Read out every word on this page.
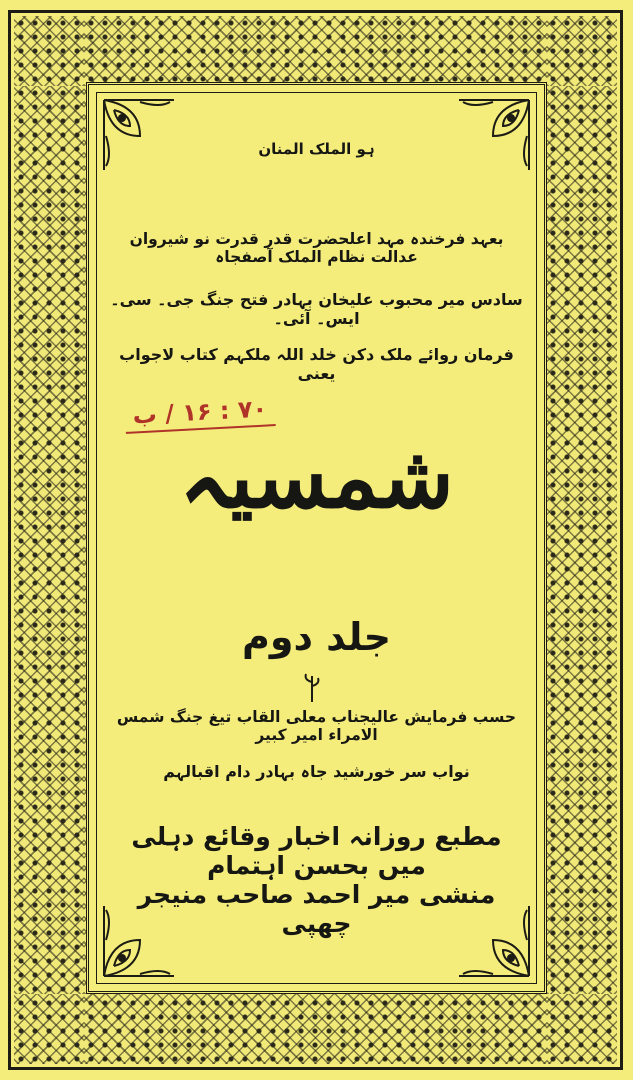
ہو الملک المنان
بعہد فرخندہ مہد اعلحضرت قدر قدرت نو شیروان عدالت نظام الملک آصفجاہ
سادس میر محبوب علیخان بہادر فتح جنگ جی۔ سی۔ ایس۔ آئی۔
فرمان روائے ملک دکن خلد اللہ ملکہم کتاب لاجواب یعنی
۷۰ : ۱۶ / ب
شمسیہ
جلد دوم
حسب فرمایش عالیجناب معلی القاب تیغ جنگ شمس الامراء امیر کبیر
نواب سر خورشید جاہ بہادر دام اقبالہم
مطبع روزانہ اخبار وقائع دہلی میں بحسن اہتمام
منشی میر احمد صاحب منیجر چھپی
